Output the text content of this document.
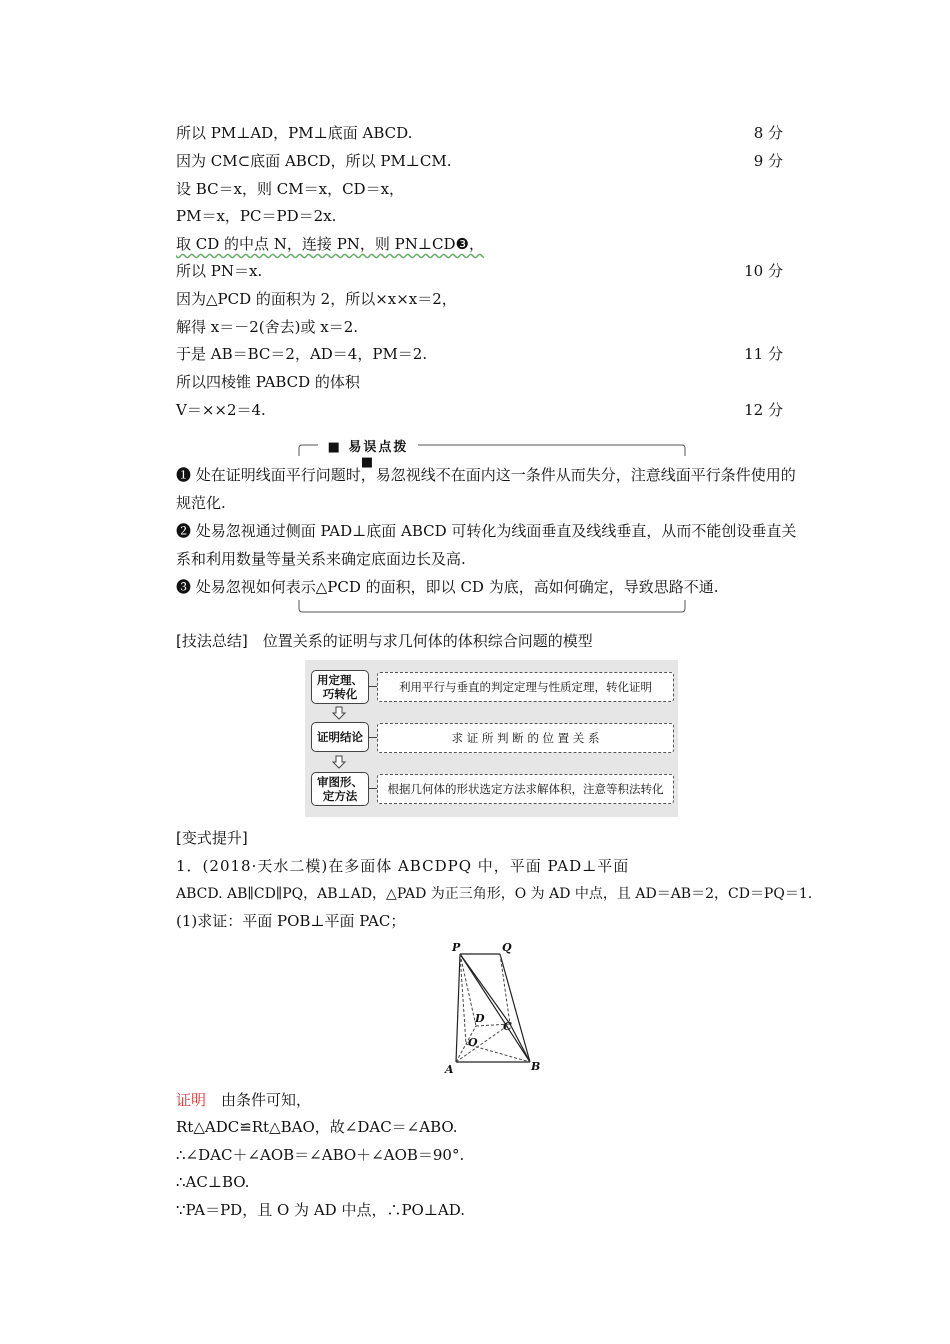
所以 PM⊥AD，PM⊥底面 ABCD.	8 分
因为 CM⊂底面 ABCD，所以 PM⊥CM.	9 分
设 BC＝x，则 CM＝x，CD＝x，
PM＝x，PC＝PD＝2x.
取 CD 的中点 N，连接 PN，则 PN⊥CD❸，
所以 PN＝x.	10 分
因为△PCD 的面积为 2，所以×x×x＝2，
解得 x＝－2(舍去)或 x＝2.
于是 AB＝BC＝2，AD＝4，PM＝2.	11 分
所以四棱锥 PABCD 的体积
V＝××2＝4.	12 分
■ 易误点拨 ■
❶ 处在证明线面平行问题时，易忽视线不在面内这一条件从而失分，注意线面平行条件使用的规范化.
❷ 处易忽视通过侧面 PAD⊥底面 ABCD 可转化为线面垂直及线线垂直，从而不能创设垂直关系和利用数量等量关系来确定底面边长及高.
❸ 处易忽视如何表示△PCD 的面积，即以 CD 为底，高如何确定，导致思路不通.
[技法总结]　位置关系的证明与求几何体的体积综合问题的模型
用定理、巧转化	利用平行与垂直的判定定理与性质定理，转化证明
证明结论	求 证 所 判 断 的 位 置 关 系
审图形、定方法	根据几何体的形状选定方法求解体积，注意等积法转化
[变式提升]
1．(2018·天水二模)在多面体 ABCDPQ 中，平面 PAD⊥平面
ABCD. AB∥CD∥PQ，AB⊥AD，△PAD 为正三角形，O 为 AD 中点，且 AD＝AB＝2，CD＝PQ＝1.
(1)求证：平面 POB⊥平面 PAC；
P	Q
D
C
O
A	B
证明　 由条件可知，
Rt△ADC≌Rt△BAO，故∠DAC＝∠ABO.
∴∠DAC＋∠AOB＝∠ABO＋∠AOB＝90°.
∴AC⊥BO.
∵PA＝PD，且 O 为 AD 中点，∴PO⊥AD.
